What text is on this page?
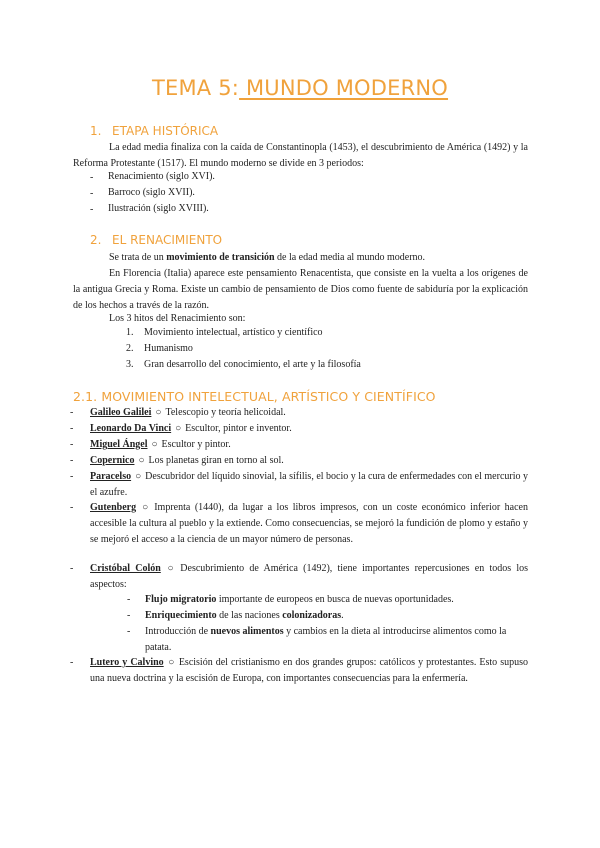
TEMA 5: MUNDO MODERNO
1. ETAPA HISTÓRICA
La edad media finaliza con la caída de Constantinopla (1453), el descubrimiento de América (1492) y la Reforma Protestante (1517). El mundo moderno se divide en 3 periodos:
- Renacimiento (siglo XVI).
- Barroco (siglo XVII).
- Ilustración (siglo XVIII).
2. EL RENACIMIENTO
Se trata de un movimiento de transición de la edad media al mundo moderno.
En Florencia (Italia) aparece este pensamiento Renacentista, que consiste en la vuelta a los orígenes de la antigua Grecia y Roma. Existe un cambio de pensamiento de Dios como fuente de sabiduría por la explicación de los hechos a través de la razón.
Los 3 hitos del Renacimiento son:
1. Movimiento intelectual, artístico y científico
2. Humanismo
3. Gran desarrollo del conocimiento, el arte y la filosofía
2.1. MOVIMIENTO INTELECTUAL, ARTÍSTICO Y CIENTÍFICO
- Galileo Galilei ○ Telescopio y teoría helicoidal.
- Leonardo Da Vinci ○ Escultor, pintor e inventor.
- Miguel Ángel ○ Escultor y pintor.
- Copernico ○ Los planetas giran en torno al sol.
- Paracelso ○ Descubridor del líquido sinovial, la sífilis, el bocio y la cura de enfermedades con el mercurio y el azufre.
- Gutenberg ○ Imprenta (1440), da lugar a los libros impresos, con un coste económico inferior hacen accesible la cultura al pueblo y la extiende. Como consecuencias, se mejoró la fundición de plomo y estaño y se mejoró el acceso a la ciencia de un mayor número de personas.
- Cristóbal Colón ○ Descubrimiento de América (1492), tiene importantes repercusiones en todos los aspectos:
- Flujo migratorio importante de europeos en busca de nuevas oportunidades.
- Enriquecimiento de las naciones colonizadoras.
- Introducción de nuevos alimentos y cambios en la dieta al introducirse alimentos como la patata.
- Lutero y Calvino ○ Escisión del cristianismo en dos grandes grupos: católicos y protestantes. Esto supuso una nueva doctrina y la escisión de Europa, con importantes consecuencias para la enfermería.
